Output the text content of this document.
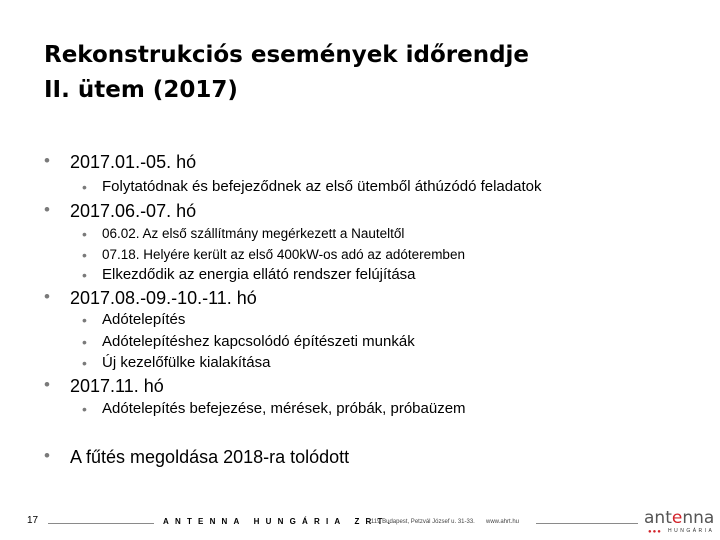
Rekonstrukciós események időrendje
II. ütem (2017)
• 2017.01.-05. hó
• Folytatódnak és befejeződnek az első ütemből áthúzódó feladatok
• 2017.06.-07. hó
• 06.02. Az első szállítmány megérkezett a Nauteltől
• 07.18. Helyére került az első 400kW-os adó az adóteremben
• Elkezdődik az energia ellátó rendszer felújítása
• 2017.08.-09.-10.-11. hó
• Adótelepítés
• Adótelepítéshez kapcsolódó építészeti munkák
• Új kezelőfülke kialakítása
• 2017.11. hó
• Adótelepítés befejezése, mérések, próbák, próbaüzem
• A fűtés megoldása 2018-ra tolódott
17	ANTENNA HUNGÁRIA ZRT.
1119 Budapest, Petzvál József u. 31-33. www.ahrt.hu	antenna
●●● HUNGÁRIA
